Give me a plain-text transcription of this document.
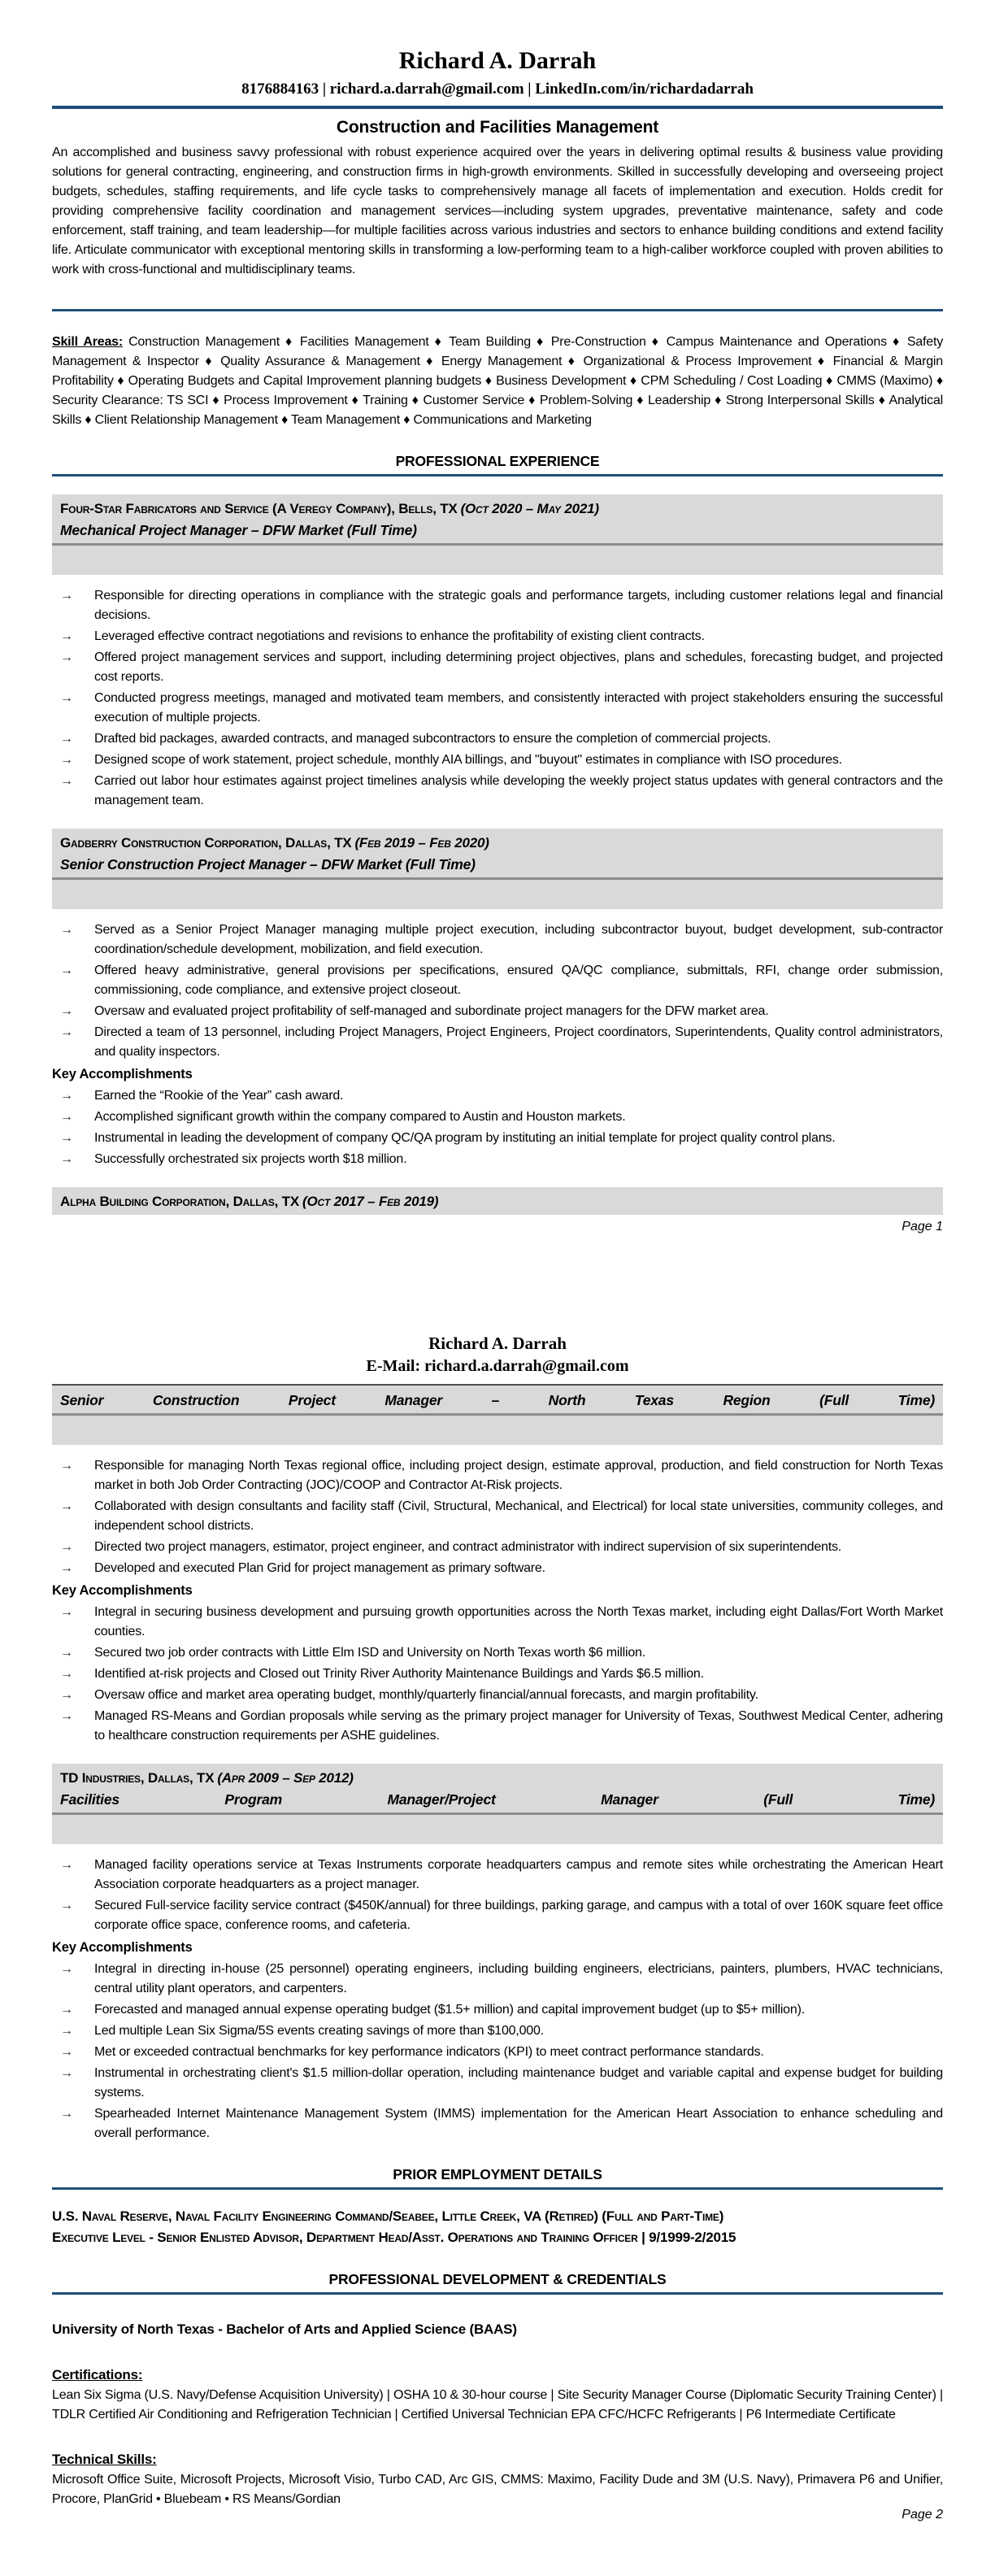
Richard A. Darrah
8176884163 | richard.a.darrah@gmail.com | LinkedIn.com/in/richardadarrah
Construction and Facilities Management

An accomplished and business savvy professional with robust experience acquired over the years in delivering optimal results & business value providing solutions for general contracting, engineering, and construction firms in high-growth environments. Skilled in successfully developing and overseeing project budgets, schedules, staffing requirements, and life cycle tasks to comprehensively manage all facets of implementation and execution. Holds credit for providing comprehensive facility coordination and management services—including system upgrades, preventative maintenance, safety and code enforcement, staff training, and team leadership—for multiple facilities across various industries and sectors to enhance building conditions and extend facility life. Articulate communicator with exceptional mentoring skills in transforming a low-performing team to a high-caliber workforce coupled with proven abilities to work with cross-functional and multidisciplinary teams.

Skill Areas: Construction Management ♦ Facilities Management ♦ Team Building ♦ Pre-Construction ♦ Campus Maintenance and Operations ♦ Safety Management & Inspector ♦ Quality Assurance & Management ♦ Energy Management ♦ Organizational & Process Improvement ♦ Financial & Margin Profitability ♦ Operating Budgets and Capital Improvement planning budgets ♦ Business Development ♦ CPM Scheduling / Cost Loading ♦ CMMS (Maximo) ♦ Security Clearance: TS SCI ♦ Process Improvement ♦ Training ♦ Customer Service ♦ Problem-Solving ♦ Leadership ♦ Strong Interpersonal Skills ♦ Analytical Skills ♦ Client Relationship Management ♦ Team Management ♦ Communications and Marketing

PROFESSIONAL EXPERIENCE
Four-Star Fabricators and Service (A Veregy Company), Bells, TX (Oct 2020 – May 2021)
Mechanical Project Manager – DFW Market (Full Time)
→	Responsible for directing operations in compliance with the strategic goals and performance targets, including customer relations legal and financial decisions.
→	Leveraged effective contract negotiations and revisions to enhance the profitability of existing client contracts.
→	Offered project management services and support, including determining project objectives, plans and schedules, forecasting budget, and projected cost reports.
→	Conducted progress meetings, managed and motivated team members, and consistently interacted with project stakeholders ensuring the successful execution of multiple projects.
→	Drafted bid packages, awarded contracts, and managed subcontractors to ensure the completion of commercial projects.
→	Designed scope of work statement, project schedule, monthly AIA billings, and "buyout" estimates in compliance with ISO procedures.
→	Carried out labor hour estimates against project timelines analysis while developing the weekly project status updates with general contractors and the management team.
Gadberry Construction Corporation, Dallas, TX (Feb 2019 – Feb 2020)
Senior Construction Project Manager – DFW Market (Full Time)
→	Served as a Senior Project Manager managing multiple project execution, including subcontractor buyout, budget development, sub-contractor coordination/schedule development, mobilization, and field execution.
→	Offered heavy administrative, general provisions per specifications, ensured QA/QC compliance, submittals, RFI, change order submission, commissioning, code compliance, and extensive project closeout.
→	Oversaw and evaluated project profitability of self-managed and subordinate project managers for the DFW market area.
→	Directed a team of 13 personnel, including Project Managers, Project Engineers, Project coordinators, Superintendents, Quality control administrators, and quality inspectors.
Key Accomplishments
→	Earned the “Rookie of the Year” cash award.
→	Accomplished significant growth within the company compared to Austin and Houston markets.
→	Instrumental in leading the development of company QC/QA program by instituting an initial template for project quality control plans.
→	Successfully orchestrated six projects worth $18 million.
Alpha Building Corporation, Dallas, TX (Oct 2017 – Feb 2019)
Page 1
Richard A. Darrah
E-Mail: richard.a.darrah@gmail.com
Senior Construction Project Manager – North Texas Region (Full Time)
→	Responsible for managing North Texas regional office, including project design, estimate approval, production, and field construction for North Texas market in both Job Order Contracting (JOC)/COOP and Contractor At-Risk projects.
→	Collaborated with design consultants and facility staff (Civil, Structural, Mechanical, and Electrical) for local state universities, community colleges, and independent school districts.
→	Directed two project managers, estimator, project engineer, and contract administrator with indirect supervision of six superintendents.
→	Developed and executed Plan Grid for project management as primary software.
Key Accomplishments
→	Integral in securing business development and pursuing growth opportunities across the North Texas market, including eight Dallas/Fort Worth Market counties.
→	Secured two job order contracts with Little Elm ISD and University on North Texas worth $6 million.
→	Identified at-risk projects and Closed out Trinity River Authority Maintenance Buildings and Yards $6.5 million.
→	Oversaw office and market area operating budget, monthly/quarterly financial/annual forecasts, and margin profitability.
→	Managed RS-Means and Gordian proposals while serving as the primary project manager for University of Texas, Southwest Medical Center, adhering to healthcare construction requirements per ASHE guidelines.
TD Industries, Dallas, TX (Apr 2009 – Sep 2012)
Facilities Program Manager/Project Manager (Full Time)
→	Managed facility operations service at Texas Instruments corporate headquarters campus and remote sites while orchestrating the American Heart Association corporate headquarters as a project manager.
→	Secured Full-service facility service contract ($450K/annual) for three buildings, parking garage, and campus with a total of over 160K square feet office corporate office space, conference rooms, and cafeteria.
Key Accomplishments
→	Integral in directing in-house (25 personnel) operating engineers, including building engineers, electricians, painters, plumbers, HVAC technicians, central utility plant operators, and carpenters.
→	Forecasted and managed annual expense operating budget ($1.5+ million) and capital improvement budget (up to $5+ million).
→	Led multiple Lean Six Sigma/5S events creating savings of more than $100,000.
→	Met or exceeded contractual benchmarks for key performance indicators (KPI) to meet contract performance standards.
→	Instrumental in orchestrating client's $1.5 million-dollar operation, including maintenance budget and variable capital and expense budget for building systems.
→	Spearheaded Internet Maintenance Management System (IMMS) implementation for the American Heart Association to enhance scheduling and overall performance.
PRIOR EMPLOYMENT DETAILS

U.S. Naval Reserve, Naval Facility Engineering Command/Seabee, Little Creek, VA (Retired) (Full and Part-Time)

Executive Level - Senior Enlisted Advisor, Department Head/Asst. Operations and Training Officer | 9/1999-2/2015

PROFESSIONAL DEVELOPMENT & CREDENTIALS
University of North Texas - Bachelor of Arts and Applied Science (BAAS)
Certifications:

Lean Six Sigma (U.S. Navy/Defense Acquisition University) | OSHA 10 & 30-hour course | Site Security Manager Course (Diplomatic Security Training Center) | TDLR Certified Air Conditioning and Refrigeration Technician | Certified Universal Technician EPA CFC/HCFC Refrigerants | P6 Intermediate Certificate

Technical Skills:

Microsoft Office Suite, Microsoft Projects, Microsoft Visio, Turbo CAD, Arc GIS, CMMS: Maximo, Facility Dude and 3M (U.S. Navy), Primavera P6 and Unifier, Procore, PlanGrid • Bluebeam • RS Means/Gordian

Page 2
